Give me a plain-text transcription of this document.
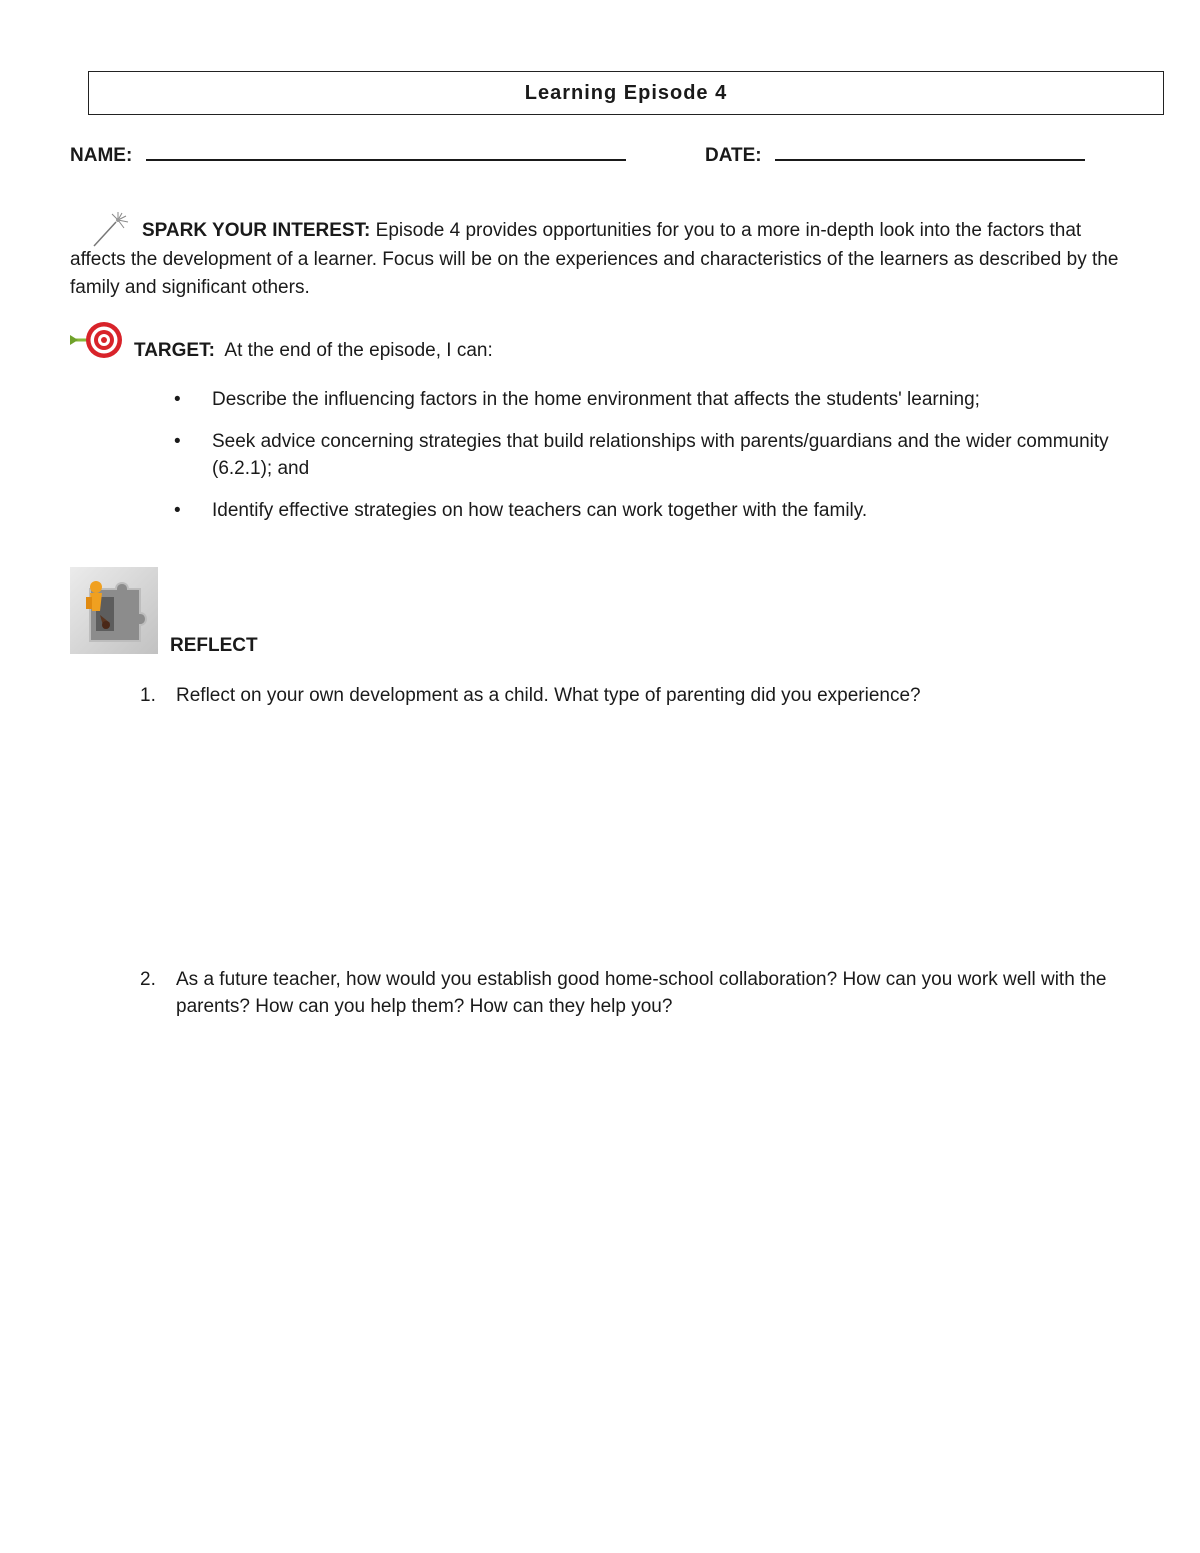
Learning Episode 4
NAME:	DATE:
SPARK YOUR INTEREST: Episode 4 provides opportunities for you to a more in-depth look into the factors that affects the development of a learner. Focus will be on the experiences and characteristics of the learners as described by the family and significant others.
TARGET:  At the end of the episode, I can:
• Describe the influencing factors in the home environment that affects the students' learning;
• Seek advice concerning strategies that build relationships with parents/guardians and the wider community (6.2.1); and
• Identify effective strategies on how teachers can work together with the family.
REFLECT
1. Reflect on your own development as a child. What type of parenting did you experience?
2. As a future teacher, how would you establish good home-school collaboration? How can you work well with the parents? How can you help them? How can they help you?
